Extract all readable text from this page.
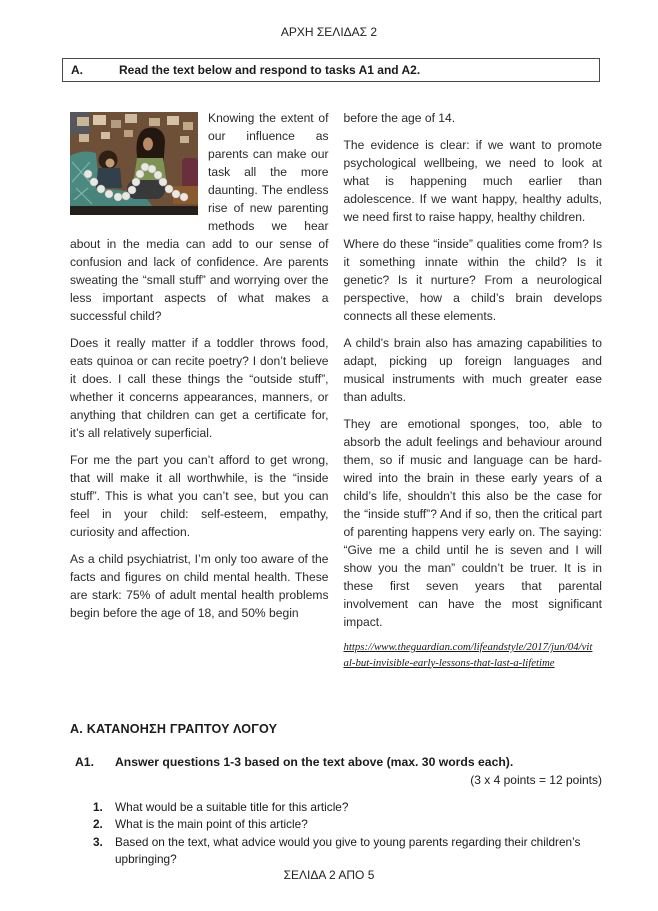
ΑΡΧΗ ΣΕΛΙΔΑΣ 2
A.	Read the text below and respond to tasks A1 and A2.

Knowing the extent of our influence as parents can make our task all the more daunting. The endless rise of new parenting methods we hear about in the media can add to our sense of confusion and lack of confidence. Are parents sweating the “small stuff” and worrying over the less important aspects of what makes a successful child?

Does it really matter if a toddler throws food, eats quinoa or can recite poetry? I don’t believe it does. I call these things the “outside stuff”, whether it concerns appearances, manners, or anything that children can get a certificate for, it’s all relatively superficial.

For me the part you can’t afford to get wrong, that will make it all worthwhile, is the “inside stuff”. This is what you can’t see, but you can feel in your child: self-esteem, empathy, curiosity and affection.

As a child psychiatrist, I’m only too aware of the facts and figures on child mental health. These are stark: 75% of adult mental health problems begin before the age of 18, and 50% begin

before the age of 14.

The evidence is clear: if we want to promote psychological wellbeing, we need to look at what is happening much earlier than adolescence. If we want happy, healthy adults, we need first to raise happy, healthy children.

Where do these “inside” qualities come from? Is it something innate within the child? Is it genetic? Is it nurture? From a neurological perspective, how a child’s brain develops connects all these elements.

A child’s brain also has amazing capabilities to adapt, picking up foreign languages and musical instruments with much greater ease than adults.

They are emotional sponges, too, able to absorb the adult feelings and behaviour around them, so if music and language can be hard-wired into the brain in these early years of a child’s life, shouldn’t this also be the case for the “inside stuff”? And if so, then the critical part of parenting happens very early on. The saying: “Give me a child until he is seven and I will show you the man” couldn’t be truer. It is in these first seven years that parental involvement can have the most significant impact.

https://www.theguardian.com/lifeandstyle/2017/jun/04/vit
al-but-invisible-early-lessons-that-last-a-lifetime
Α. ΚΑΤΑΝΟΗΣΗ ΓΡΑΠΤΟΥ ΛΟΓΟΥ
A1.	Answer questions 1-3 based on the text above (max. 30 words each).
(3 x 4 points = 12 points)
1.	What would be a suitable title for this article?
2.	What is the main point of this article?
3.	Based on the text, what advice would you give to young parents regarding their children’s upbringing?
ΣΕΛΙΔΑ 2 ΑΠΟ 5
